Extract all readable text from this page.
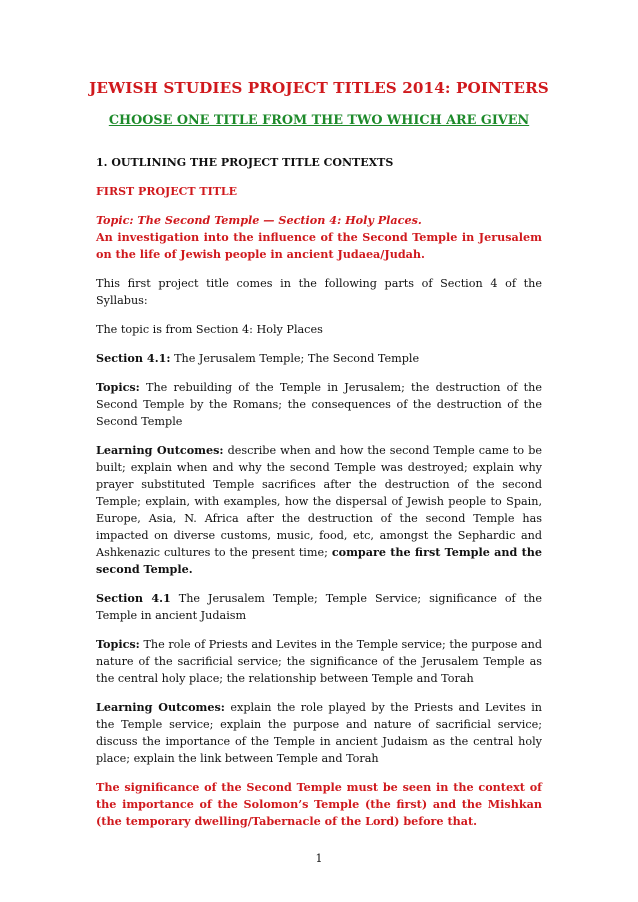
JEWISH STUDIES PROJECT TITLES 2014: POINTERS
CHOOSE ONE TITLE FROM THE TWO WHICH ARE GIVEN
1. OUTLINING THE PROJECT TITLE CONTEXTS
FIRST PROJECT TITLE
Topic: The Second Temple — Section 4: Holy Places.

An investigation into the influence of the Second Temple in Jerusalem on the life of Jewish people in ancient Judaea/Judah.

This first project title comes in the following parts of Section 4 of the Syllabus:

The topic is from Section 4: Holy Places

Section 4.1: The Jerusalem Temple; The Second Temple

Topics: The rebuilding of the Temple in Jerusalem; the destruction of the Second Temple by the Romans; the consequences of the destruction of the Second Temple

Learning Outcomes: describe when and how the second Temple came to be built; explain when and why the second Temple was destroyed; explain why prayer substituted Temple sacrifices after the destruction of the second Temple; explain, with examples, how the dispersal of Jewish people to Spain, Europe, Asia, N. Africa after the destruction of the second Temple has impacted on diverse customs, music, food, etc, amongst the Sephardic and Ashkenazic cultures to the present time; compare the first Temple and the second Temple.

Section 4.1 The Jerusalem Temple; Temple Service; significance of the Temple in ancient Judaism

Topics: The role of Priests and Levites in the Temple service; the purpose and nature of the sacrificial service; the significance of the Jerusalem Temple as the central holy place; the relationship between Temple and Torah

Learning Outcomes: explain the role played by the Priests and Levites in the Temple service; explain the purpose and nature of sacrificial service; discuss the importance of the Temple in ancient Judaism as the central holy place; explain the link between Temple and Torah

The significance of the Second Temple must be seen in the context of the importance of the Solomon’s Temple (the first) and the Mishkan (the temporary dwelling/Tabernacle of the Lord) before that.

1
